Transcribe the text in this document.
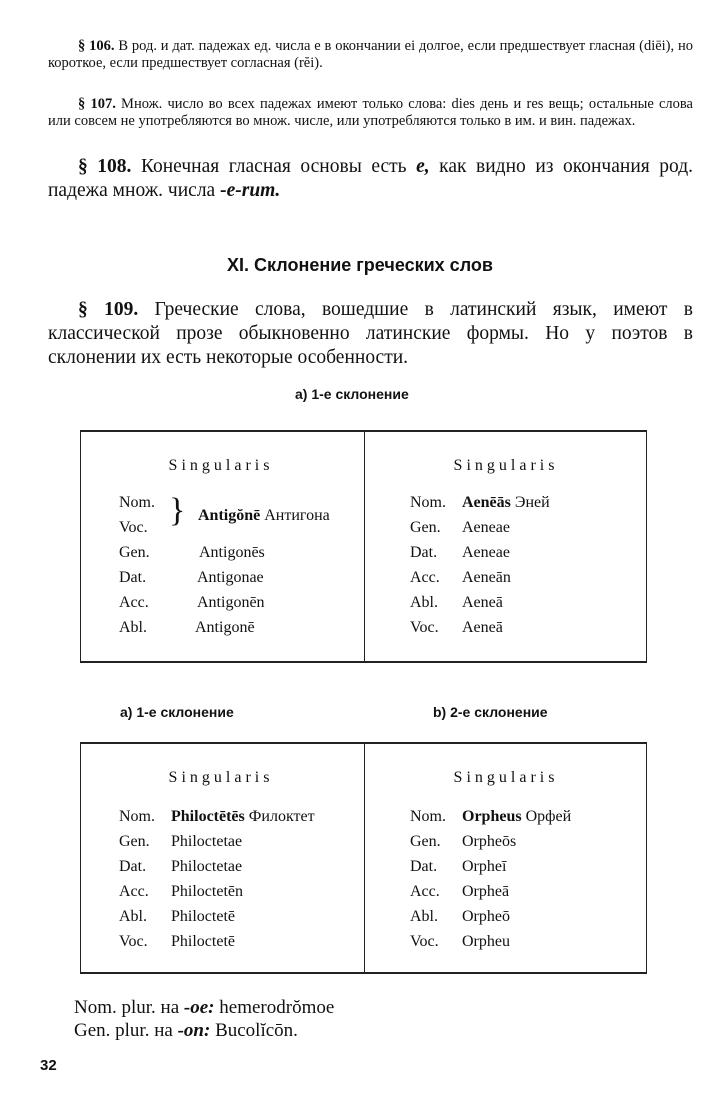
§ 106. В род. и дат. падежах ед. числа e в окончании ei долгое, если предшествует гласная (diēi), но короткое, если предшествует согласная (rĕi).

§ 107. Множ. число во всех падежах имеют только слова: dies день и res вещь; остальные слова или совсем не употребляются во множ. числе, или употребляются только в им. и вин. падежах.

§ 108. Конечная гласная основы есть e, как видно из окончания род. падежа множ. числа -e-rum.

XI. Склонение греческих слов

§ 109. Греческие слова, вошедшие в латинский язык, имеют в классической прозе обыкновенно латинские формы. Но у поэтов в склонении их есть некоторые особенности.

а) 1-е склонение
Singularis
Nom.
Voc. } Antigŏnē Антигона
Gen.	Antigonēs
Dat.	Antigonae
Acc.	Antigonēn
Abl.	Antigonē
Singularis
Nom. Aenēās Эней
Gen. Aeneae
Dat. Aeneae
Acc. Aeneān
Abl. Aeneā
Voc. Aeneā
а) 1-е склонение	b) 2-е склонение
Singularis
Nom. Philoctētēs Филоктет
Gen. Philoctetae
Dat. Philoctetae
Acc. Philoctetēn
Abl. Philoctetē
Voc. Philoctetē
Singularis
Nom. Orpheus Орфей
Gen. Orpheōs
Dat. Orpheī
Acc. Orpheā
Abl. Orpheō
Voc. Orpheu
Nom. plur. на -oe: hemerodrŏmoe
Gen. plur. на -on: Bucolĭcōn.
32
